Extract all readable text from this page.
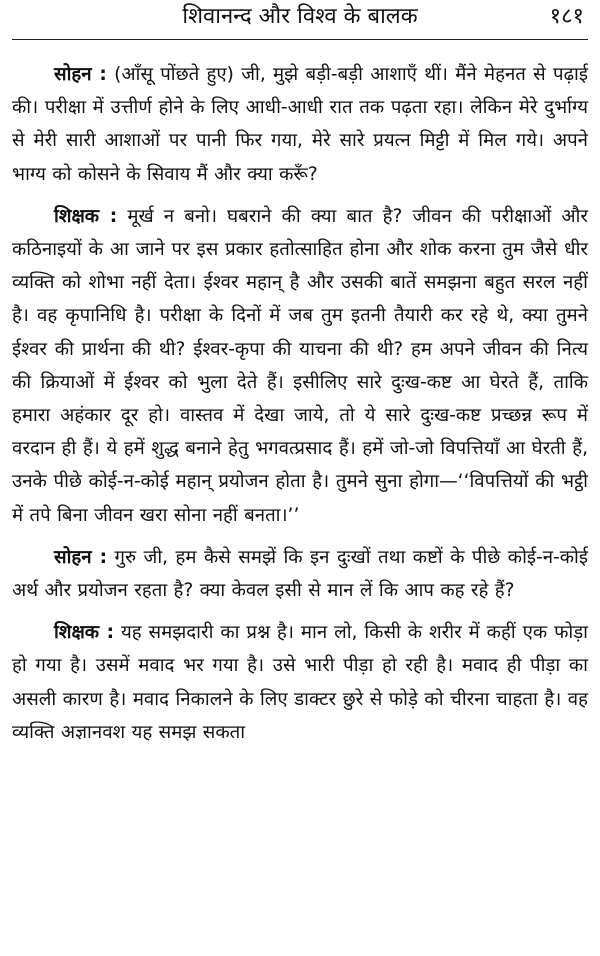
शिवानन्द और विश्व के बालक	१८१

सोहन : (आँसू पोंछते हुए) जी, मुझे बड़ी-बड़ी आशाएँ थीं। मैंने मेहनत से पढ़ाई की। परीक्षा में उत्तीर्ण होने के लिए आधी-आधी रात तक पढ़ता रहा। लेकिन मेरे दुर्भाग्य से मेरी सारी आशाओं पर पानी फिर गया, मेरे सारे प्रयत्न मिट्टी में मिल गये। अपने भाग्य को कोसने के सिवाय मैं और क्या करूँ?

शिक्षक : मूर्ख न बनो। घबराने की क्या बात है? जीवन की परीक्षाओं और कठिनाइयों के आ जाने पर इस प्रकार हतोत्साहित होना और शोक करना तुम जैसे धीर व्यक्ति को शोभा नहीं देता। ईश्वर महान् है और उसकी बातें समझना बहुत सरल नहीं है। वह कृपानिधि है। परीक्षा के दिनों में जब तुम इतनी तैयारी कर रहे थे, क्या तुमने ईश्वर की प्रार्थना की थी? ईश्वर-कृपा की याचना की थी? हम अपने जीवन की नित्य की क्रियाओं में ईश्वर को भुला देते हैं। इसीलिए सारे दुःख-कष्ट आ घेरते हैं, ताकि हमारा अहंकार दूर हो। वास्तव में देखा जाये, तो ये सारे दुःख-कष्ट प्रच्छन्न रूप में वरदान ही हैं। ये हमें शुद्ध बनाने हेतु भगवत्प्रसाद हैं। हमें जो-जो विपत्तियाँ आ घेरती हैं, उनके पीछे कोई-न-कोई महान् प्रयोजन होता है। तुमने सुना होगा—‘‘विपत्तियों की भट्ठी में तपे बिना जीवन खरा सोना नहीं बनता।’’

सोहन : गुरु जी, हम कैसे समझें कि इन दुःखों तथा कष्टों के पीछे कोई-न-कोई अर्थ और प्रयोजन रहता है? क्या केवल इसी से मान लें कि आप कह रहे हैं?

शिक्षक : यह समझदारी का प्रश्न है। मान लो, किसी के शरीर में कहीं एक फोड़ा हो गया है। उसमें मवाद भर गया है। उसे भारी पीड़ा हो रही है। मवाद ही पीड़ा का असली कारण है। मवाद निकालने के लिए डाक्टर छुरे से फोड़े को चीरना चाहता है। वह व्यक्ति अज्ञानवश यह समझ सकता
